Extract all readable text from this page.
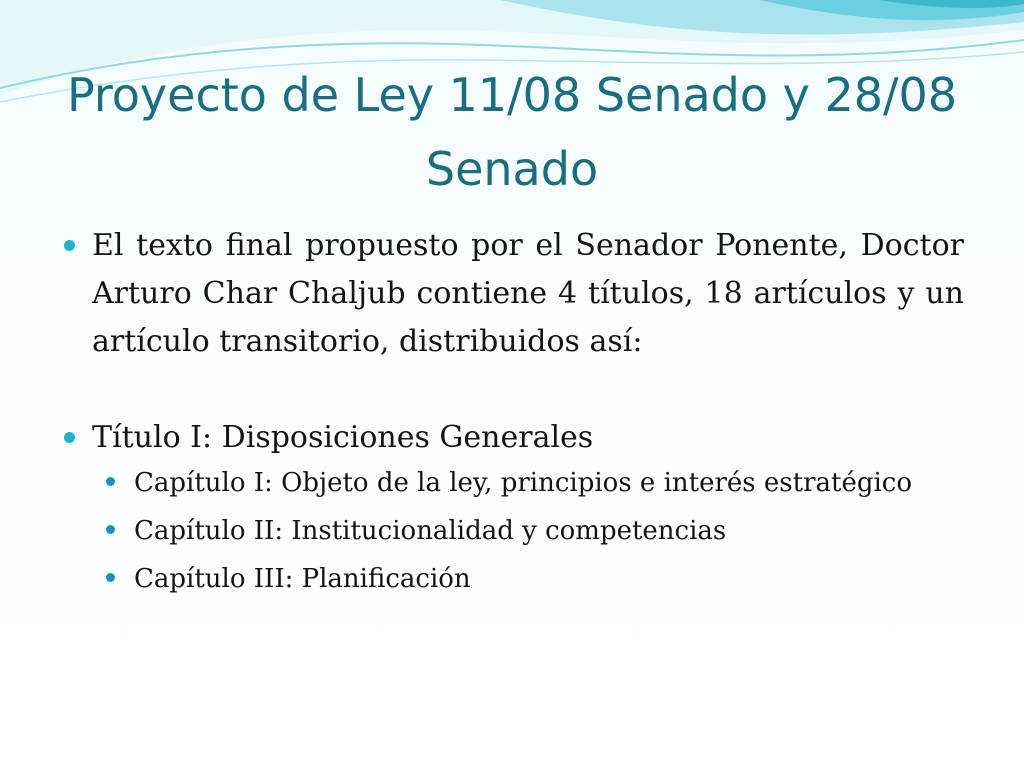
Proyecto de Ley 11/08 Senado y 28/08 Senado
El texto final propuesto por el Senador Ponente, Doctor Arturo Char Chaljub contiene 4 títulos, 18 artículos y un artículo transitorio, distribuidos así:
Título I: Disposiciones Generales
Capítulo I: Objeto de la ley, principios e interés estratégico
Capítulo II: Institucionalidad y competencias
Capítulo III: Planificación
